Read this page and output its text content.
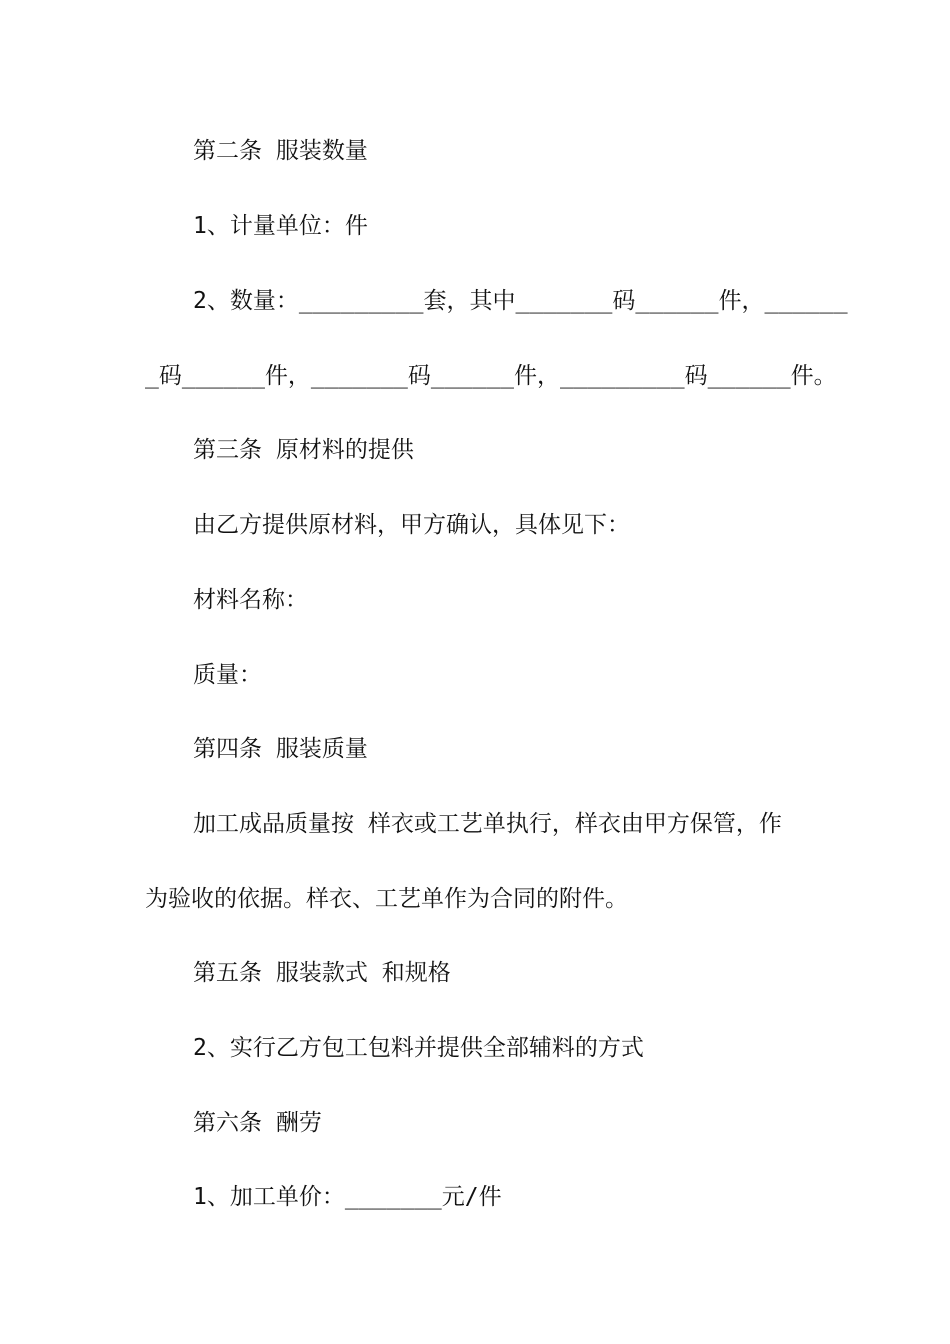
第二条 服装数量

1、计量单位：件

2、数量：_________套，其中_______码______件，______

_码______件，_______码______件，_________码______件。

第三条 原材料的提供

由乙方提供原材料，甲方确认，具体见下：

材料名称：

质量：

第四条 服装质量

加工成品质量按 样衣或工艺单执行，样衣由甲方保管，作

为验收的依据。样衣、工艺单作为合同的附件。

第五条 服装款式 和规格

2、实行乙方包工包料并提供全部辅料的方式

第六条 酬劳

1、加工单价：_______元/件
